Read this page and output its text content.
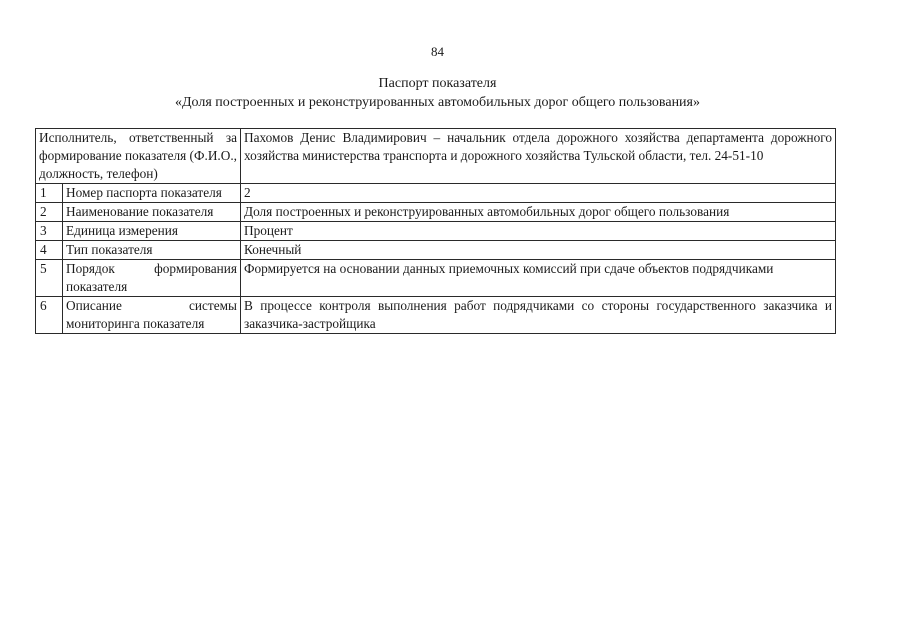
84
Паспорт показателя
«Доля построенных и реконструированных автомобильных дорог общего пользования»
Исполнитель, ответственный за формирование показателя (Ф.И.О., должность, телефон)		Пахомов Денис Владимирович – начальник отдела дорожного хозяйства департамента дорожного хозяйства министерства транспорта и дорожного хозяйства Тульской области, тел. 24-51-10
1	Номер паспорта показателя	2
2	Наименование показателя	Доля построенных и реконструированных автомобильных дорог общего пользования
3	Единица измерения	Процент
4	Тип показателя	Конечный
5	Порядок формирования показателя	Формируется на основании данных приемочных комиссий при сдаче объектов подрядчиками
6	Описание системы мониторинга показателя	В процессе контроля выполнения работ подрядчиками со стороны государственного заказчика и заказчика-застройщика
